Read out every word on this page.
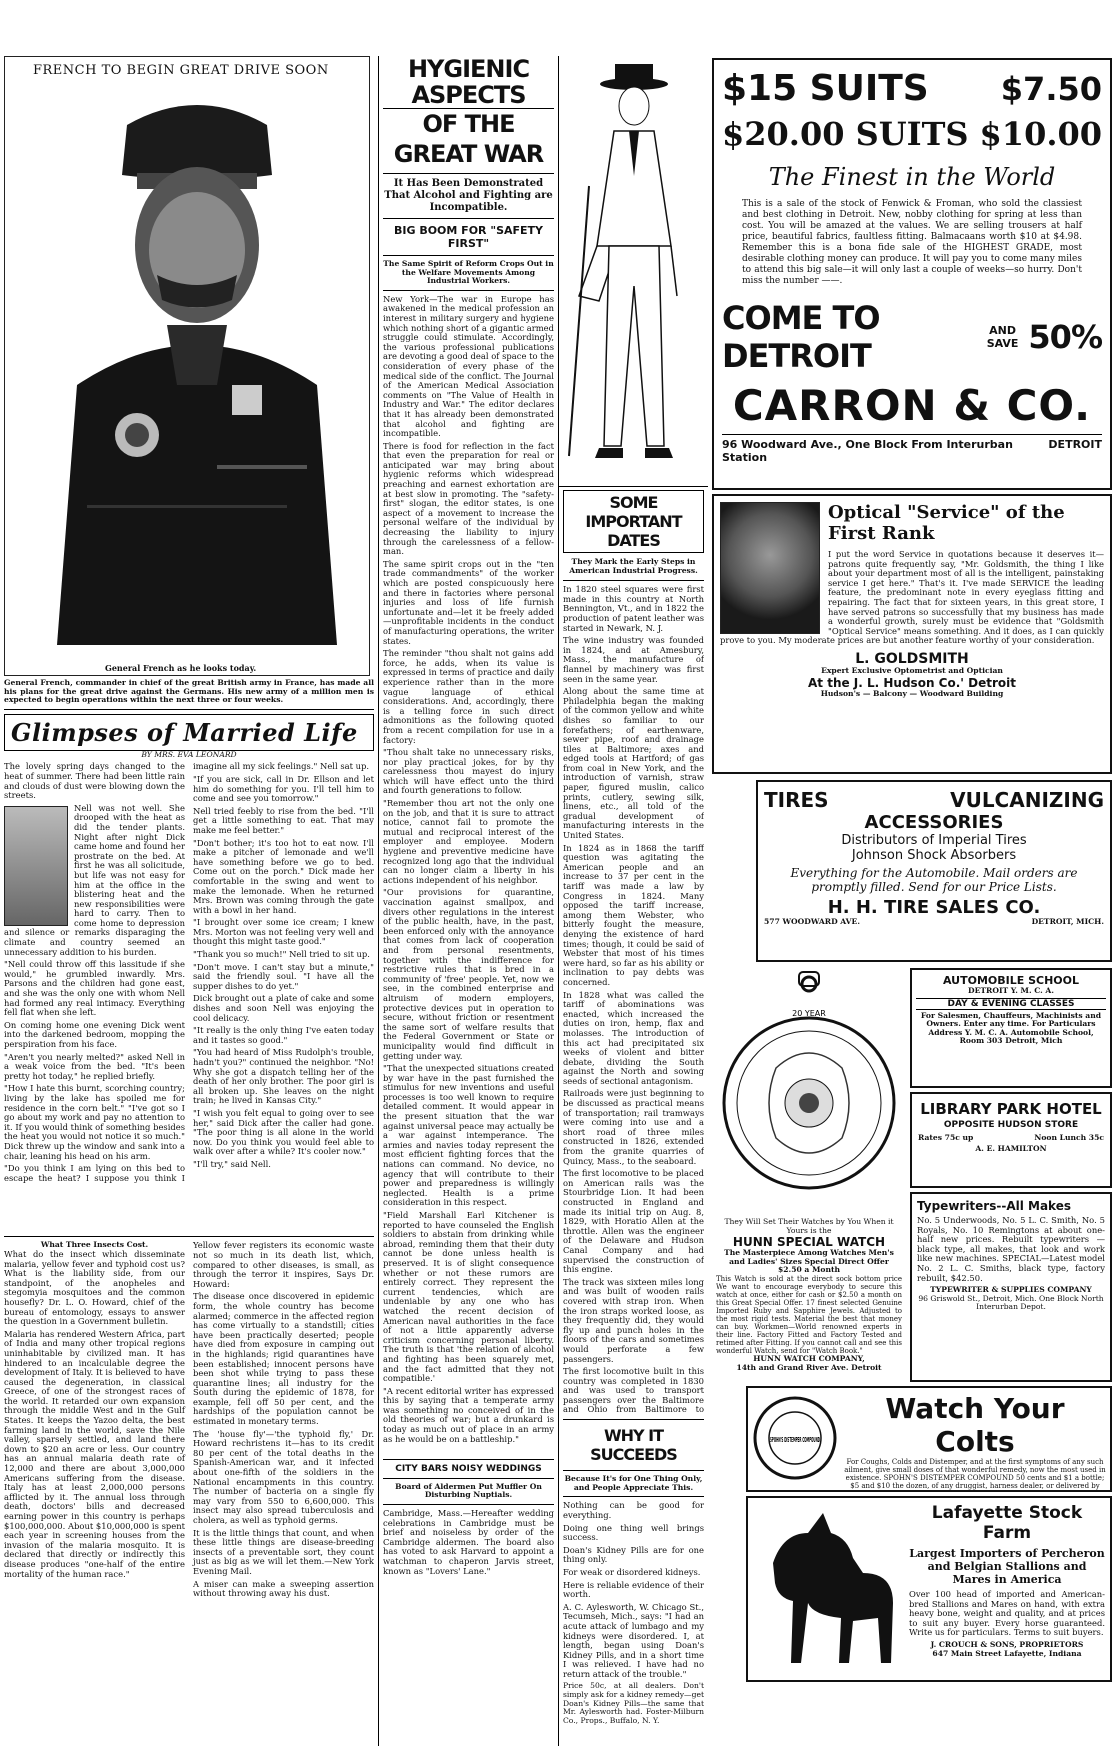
FRENCH TO BEGIN GREAT DRIVE SOON
General French as he looks today.

General French, commander in chief of the great British army in France, has made all his plans for the great drive against the Germans. His new army of a million men is expected to begin operations within the next three or four weeks.

Glimpses of Married Life
BY MRS. EVA LEONARD

The lovely spring days changed to the heat of summer. There had been little rain and clouds of dust were blowing down the streets.

Nell was not well. She drooped with the heat as did the tender plants. Night after night Dick came home and found her prostrate on the bed. At first he was all solicitude, but life was not easy for him at the office in the blistering heat and the new responsibilities were hard to carry. Then to come home to depression and silence or remarks disparaging the climate and country seemed an unnecessary addition to his burden.

"Nell could throw off this lassitude if she would," he grumbled inwardly. Mrs. Parsons and the children had gone east, and she was the only one with whom Nell had formed any real intimacy. Everything fell flat when she left.

On coming home one evening Dick went into the darkened bedroom, mopping the perspiration from his face.

"Aren't you nearly melted?" asked Nell in a weak voice from the bed. "It's been pretty hot today," he replied briefly.

"How I hate this burnt, scorching country; living by the lake has spoiled me for residence in the corn belt." "I've got so I go about my work and pay no attention to it. If you would think of something besides the heat you would not notice it so much." Dick threw up the window and sank into a chair, leaning his head on his arm.

"Do you think I am lying on this bed to escape the heat? I suppose you think I imagine all my sick feelings." Nell sat up.

"If you are sick, call in Dr. Ellson and let him do something for you. I'll tell him to come and see you tomorrow."

Nell tried feebly to rise from the bed. "I'll get a little something to eat. That may make me feel better."

"Don't bother; it's too hot to eat now. I'll make a pitcher of lemonade and we'll have something before we go to bed. Come out on the porch." Dick made her comfortable in the swing and went to make the lemonade. When he returned Mrs. Brown was coming through the gate with a bowl in her hand.

"I brought over some ice cream; I knew Mrs. Morton was not feeling very well and thought this might taste good."

"Thank you so much!" Nell tried to sit up.

"Don't move. I can't stay but a minute," said the friendly soul. "I have all the supper dishes to do yet."

Dick brought out a plate of cake and some dishes and soon Nell was enjoying the cool delicacy.

"It really is the only thing I've eaten today and it tastes so good."

"You had heard of Miss Rudolph's trouble, hadn't you?" continued the neighbor. "No! Why she got a dispatch telling her of the death of her only brother. The poor girl is all broken up. She leaves on the night train; he lived in Kansas City."

"I wish you felt equal to going over to see her," said Dick after the caller had gone. "The poor thing is all alone in the world now. Do you think you would feel able to walk over after a while? It's cooler now."

"I'll try," said Nell.

What Three Insects Cost.

What do the insect which disseminate malaria, yellow fever and typhoid cost us? What is the liability side, from our standpoint, of the anopheles and stegomyia mosquitoes and the common housefly? Dr. L. O. Howard, chief of the bureau of entomology, essays to answer the question in a Government bulletin.

Malaria has rendered Western Africa, part of India and many other tropical regions uninhabitable by civilized man. It has hindered to an incalculable degree the development of Italy. It is believed to have caused the degeneration, in classical Greece, of one of the strongest races of the world. It retarded our own expansion through the middle West and in the Gulf States. It keeps the Yazoo delta, the best farming land in the world, save the Nile valley, sparsely settled, and land there down to $20 an acre or less. Our country has an annual malaria death rate of 12,000 and there are about 3,000,000 Americans suffering from the disease. Italy has at least 2,000,000 persons afflicted by it. The annual loss through death, doctors' bills and decreased earning power in this country is perhaps $100,000,000. About $10,000,000 is spent each year in screening houses from the invasion of the malaria mosquito. It is declared that directly or indirectly this disease produces "one-half of the entire mortality of the human race."

Yellow fever registers its economic waste not so much in its death list, which, compared to other diseases, is small, as through the terror it inspires, Says Dr. Howard:

The disease once discovered in epidemic form, the whole country has become alarmed; commerce in the affected region has come virtually to a standstill; cities have been practically deserted; people have died from exposure in camping out in the highlands; rigid quarantines have been established; innocent persons have been shot while trying to pass these quarantine lines; all industry for the South during the epidemic of 1878, for example, fell off 50 per cent, and the hardships of the population cannot be estimated in monetary terms.

The 'house fly'—'the typhoid fly,' Dr. Howard rechristens it—has to its credit 80 per cent of the total deaths in the Spanish-American war, and it infected about one-fifth of the soldiers in the National encampments in this country. The number of bacteria on a single fly may vary from 550 to 6,600,000. This insect may also spread tuberculosis and cholera, as well as typhoid germs.

It is the little things that count, and when these little things are disease-breeding insects of a preventable sort, they count just as big as we will let them.—New York Evening Mail.

A miser can make a sweeping assertion without throwing away his dust.

HYGIENIC ASPECTS
OF THE GREAT WAR

It Has Been Demonstrated That Alcohol and Fighting are Incompatible.

BIG BOOM FOR "SAFETY FIRST"

The Same Spirit of Reform Crops Out in the Welfare Movements Among Industrial Workers.

New York—The war in Europe has awakened in the medical profession an interest in military surgery and hygiene which nothing short of a gigantic armed struggle could stimulate. Accordingly, the various professional publications are devoting a good deal of space to the consideration of every phase of the medical side of the conflict. The Journal of the American Medical Association comments on "The Value of Health in Industry and War." The editor declares that it has already been demonstrated that alcohol and fighting are incompatible.

There is food for reflection in the fact that even the preparation for real or anticipated war may bring about hygienic reforms which widespread preaching and earnest exhortation are at best slow in promoting. The "safety-first" slogan, the editor states, is one aspect of a movement to increase the personal welfare of the individual by decreasing the liability to injury through the carelessness of a fellow-man.

The same spirit crops out in the "ten trade commandments" of the worker which are posted conspicuously here and there in factories where personal injuries and loss of life furnish unfortunate and—let it be freely added—unprofitable incidents in the conduct of manufacturing operations, the writer states.

The reminder "thou shalt not gains add force, he adds, when its value is expressed in terms of practice and daily experience rather than in the more vague language of ethical considerations. And, accordingly, there is a telling force in such direct admonitions as the following quoted from a recent compilation for use in a factory:

"Thou shalt take no unnecessary risks, nor play practical jokes, for by thy carelessness thou mayest do injury which will have effect unto the third and fourth generations to follow.

"Remember thou art not the only one on the job, and that it is sure to attract notice, cannot fail to promote the mutual and reciprocal interest of the employer and employee. Modern hygiene and preventive medicine have recognized long ago that the individual can no longer claim a liberty in his actions independent of his neighbor.

"Our provisions for quarantine, vaccination against smallpox, and divers other regulations in the interest of the public health, have, in the past, been enforced only with the annoyance that comes from lack of cooperation and from personal resentments, together with the indifference for restrictive rules that is bred in a community of 'free' people. Yet, now we see, in the combined enterprise and altruism of modern employers, protective devices put in operation to secure, without friction or resentment the same sort of welfare results that the Federal Government or State or municipality would find difficult in getting under way.

"That the unexpected situations created by war have in the past furnished the stimulus for new inventions and useful processes is too well known to require detailed comment. It would appear in the present situation that the war against universal peace may actually be a war against intemperance. The armies and navies today represent the most efficient fighting forces that the nations can command. No device, no agency that will contribute to their power and preparedness is willingly neglected. Health is a prime consideration in this respect.

"Field Marshall Earl Kitchener is reported to have counseled the English soldiers to abstain from drinking while abroad, reminding them that their duty cannot be done unless health is preserved. It is of slight consequence whether or not these rumors are entirely correct. They represent the current tendencies, which are undeniable by any one who has watched the recent decision of American naval authorities in the face of not a little apparently adverse criticism concerning personal liberty. The truth is that 'the relation of alcohol and fighting has been squarely met, and the fact admitted that they not compatible.'

"A recent editorial writer has expressed this by saying that a temperate army was something no conceived of in the old theories of war; but a drunkard is today as much out of place in an army as he would be on a battleship."

CITY BARS NOISY WEDDINGS

Board of Aldermen Put Muffler On Disturbing Nuptials.

Cambridge, Mass.—Hereafter wedding celebrations in Cambridge must be brief and noiseless by order of the Cambridge aldermen. The board also has voted to ask Harvard to appoint a watchman to chaperon Jarvis street, known as "Lovers' Lane."

SOME IMPORTANT DATES

They Mark the Early Steps in American Industrial Progress.

In 1820 steel squares were first made in this country at North Bennington, Vt., and in 1822 the production of patent leather was started in Newark, N. J.

The wine industry was founded in 1824, and at Amesbury, Mass., the manufacture of flannel by machinery was first seen in the same year.

Along about the same time at Philadelphia began the making of the common yellow and white dishes so familiar to our forefathers; of earthenware, sewer pipe, roof and drainage tiles at Baltimore; axes and edged tools at Hartford; of gas from coal in New York, and the introduction of varnish, straw paper, figured muslin, calico prints, cutlery, sewing silk, linens, etc., all told of the gradual development of manufacturing interests in the United States.

In 1824 as in 1868 the tariff question was agitating the American people and an increase to 37 per cent in the tariff was made a law by Congress in 1824. Many opposed the tariff increase, among them Webster, who bitterly fought the measure, denying the existence of hard times; though, it could be said of Webster that most of his times were hard, so far as his ability or inclination to pay debts was concerned.

In 1828 what was called the tariff of abominations was enacted, which increased the duties on iron, hemp, flax and molasses. The introduction of this act had precipitated six weeks of violent and bitter debate, dividing the South against the North and sowing seeds of sectional antagonism.

Railroads were just beginning to be discussed as practical means of transportation; rail tramways were coming into use and a short road of three miles constructed in 1826, extended from the granite quarries of Quincy, Mass., to the seaboard.

The first locomotive to be placed on American rails was the Stourbridge Lion. It had been constructed in England and made its initial trip on Aug. 8, 1829, with Horatio Allen at the throttle. Allen was the engineer of the Delaware and Hudson Canal Company and had supervised the construction of this engine.

The track was sixteen miles long and was built of wooden rails covered with strap iron. When the iron straps worked loose, as they frequently did, they would fly up and punch holes in the floors of the cars and sometimes would perforate a few passengers.

The first locomotive built in this country was completed in 1830 and was used to transport passengers over the Baltimore and Ohio from Baltimore to

WHY IT SUCCEEDS

Because It's for One Thing Only, and People Appreciate This.

Nothing can be good for everything.

Doing one thing well brings success.

Doan's Kidney Pills are for one thing only.

For weak or disordered kidneys.

Here is reliable evidence of their worth.

A. C. Aylesworth, W. Chicago St., Tecumseh, Mich., says: "I had an acute attack of lumbago and my kidneys were disordered. I, at length, began using Doan's Kidney Pills, and in a short time I was relieved. I have had no return attack of the trouble."

Price 50c, at all dealers. Don't simply ask for a kidney remedy—get Doan's Kidney Pills—the same that Mr. Aylesworth had. Foster-Milburn Co., Props., Buffalo, N. Y.

$15 SUITS $7.50
$20.00 SUITS $10.00
The Finest in the World

This is a sale of the stock of Fenwick & Froman, who sold the classiest and best clothing in Detroit. New, nobby clothing for spring at less than cost. You will be amazed at the values. We are selling trousers at half price, beautiful fabrics, faultless fitting. Balmacaans worth $10 at $4.98. Remember this is a bona fide sale of the HIGHEST GRADE, most desirable clothing money can produce. It will pay you to come many miles to attend this big sale—it will only last a couple of weeks—so hurry. Don't miss the number ——.

COME TO DETROIT
AND SAVE 50%
CARRON & CO.
96 Woodward Ave., One Block From Interurban Station
DETROIT
Optical "Service" of the First Rank

I put the word Service in quotations because it deserves it—patrons quite frequently say, "Mr. Goldsmith, the thing I like about your department most of all is the intelligent, painstaking service I get here." That's it. I've made SERVICE the leading feature, the predominant note in every eyeglass fitting and repairing. The fact that for sixteen years, in this great store, I have served patrons so successfully that my business has made a wonderful growth, surely must be evidence that "Goldsmith "Optical Service" means something. And it does, as I can quickly prove to you. My moderate prices are but another feature worthy of your consideration.

L. GOLDSMITH
Expert Exclusive Optometrist and Optician
At the J. L. Hudson Co.' Detroit
Hudson's — Balcony — Woodward Building
TIRES	VULCANIZING
ACCESSORIES
Distributors of Imperial Tires
Johnson Shock Absorbers
Everything for the Automobile. Mail orders are promptly filled. Send for our Price Lists.
H. H. TIRE SALES CO.
577 WOODWARD AVE.	DETROIT, MICH.
20 YEAR

They Will Set Their Watches by You When it Yours is the

HUNN SPECIAL WATCH

The Masterpiece Among Watches Men's and Ladies' Sizes Special Direct Offer $2.50 a Month

This Watch is sold at the direct sock bottom price We want to encourage everybody to secure this watch at once, either for cash or $2.50 a month on this Great Special Offer. 17 finest selected Genuine Imported Ruby and Sapphire Jewels. Adjusted to the most rigid tests. Material the best that money can buy. Workmen—World renowned experts in their line. Factory Fitted and Factory Tested and retimed after Fitting. If you cannot call and see this wonderful Watch, send for "Watch Book."

HUNN WATCH COMPANY,
14th and Grand River Ave. Detroit
AUTOMOBILE SCHOOL
DETROIT Y. M. C. A.
DAY & EVENING CLASSES

For Salesmen, Chauffeurs, Machinists and Owners. Enter any time. For Particulars Address Y. M. C. A. Automobile School, Room 303 Detroit, Mich

LIBRARY PARK HOTEL
OPPOSITE HUDSON STORE
Rates 75c up	Noon Lunch 35c
A. E. HAMILTON
Typewriters--All Makes

No. 5 Underwoods, No. 5 L. C. Smith, No. 5 Royals, No. 10 Remingtons at about one-half new prices. Rebuilt typewriters — black type, all makes, that look and work like new machines. SPECIAL—Latest model No. 2 L. C. Smiths, black type, factory rebuilt, $42.50.

TYPEWRITER & SUPPLIES COMPANY
96 Griswold St., Detroit, Mich. One Block North Interurban Depot.
SPOHN'S DISTEMPER COMPOUND
Watch Your Colts

For Coughs, Colds and Distemper, and at the first symptoms of any such ailment, give small doses of that wonderful remedy, now the most used in existence. SPOHN'S DISTEMPER COMPOUND 50 cents and $1 a bottle; $5 and $10 the dozen, of any druggist, harness dealer, or delivered by

Lafayette Stock Farm
Largest Importers of Percheron and Belgian Stallions and Mares in America

Over 100 head of imported and American-bred Stallions and Mares on hand, with extra heavy bone, weight and quality, and at prices to suit any buyer. Every horse guaranteed. Write us for particulars. Terms to suit buyers.

J. CROUCH & SONS, PROPRIETORS
647 Main Street Lafayette, Indiana
